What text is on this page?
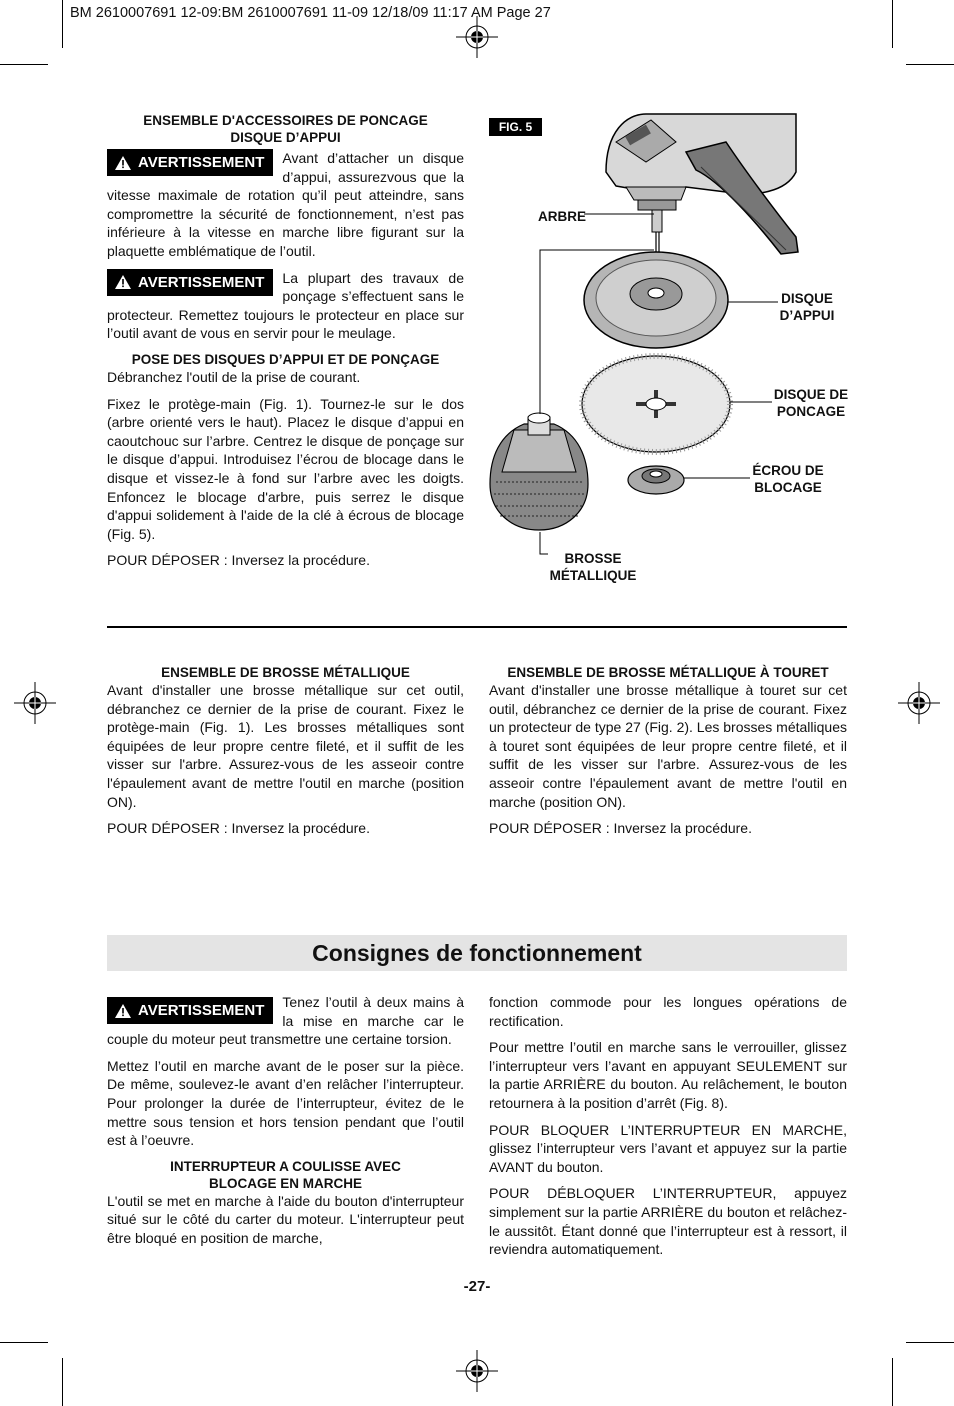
BM 2610007691 12-09:BM 2610007691 11-09 12/18/09 11:17 AM Page 27
ENSEMBLE D'ACCESSOIRES DE PONCAGE
DISQUE D’APPUI
AVERTISSEMENT Avant d’attacher un disque d’appui, assurezvous que la vitesse maximale de rotation qu’il peut atteindre, sans compromettre la sécurité de fonctionnement, n’est pas inférieure à la vitesse en marche libre figurant sur la plaquette emblématique de l’outil.
AVERTISSEMENT La plupart des travaux de ponçage s’effectuent sans le protecteur. Remettez toujours le protecteur en place sur l’outil avant de vous en servir pour le meulage.
POSE DES DISQUES D’APPUI ET DE PONÇAGE

Débranchez l'outil de la prise de courant.

Fixez le protège-main (Fig. 1). Tournez-le sur le dos (arbre orienté vers le haut). Placez le disque d’appui en caoutchouc sur l’arbre. Centrez le disque de ponçage sur le disque d’appui. Introduisez l’écrou de blocage dans le disque et vissez-le à fond sur l’arbre avec les doigts. Enfoncez le blocage d'arbre, puis serrez le disque d'appui solidement à l'aide de la clé à écrous de blocage (Fig. 5).

POUR DÉPOSER : Inversez la procédure.

FIG. 5
ARBRE
DISQUE
D’APPUI
DISQUE DE
PONCAGE
ÉCROU DE
BLOCAGE
BROSSE
MÉTALLIQUE
ENSEMBLE DE BROSSE MÉTALLIQUE

Avant d'installer une brosse métallique sur cet outil, débranchez ce dernier de la prise de courant. Fixez le protège-main (Fig. 1). Les brosses métalliques sont équipées de leur propre centre fileté, et il suffit de les visser sur l'arbre. Assurez-vous de les asseoir contre l'épaulement avant de mettre l'outil en marche (position ON).

POUR DÉPOSER : Inversez la procédure.

ENSEMBLE DE BROSSE MÉTALLIQUE À TOURET

Avant d'installer une brosse métallique à touret sur cet outil, débranchez ce dernier de la prise de courant. Fixez un protecteur de type 27 (Fig. 2). Les brosses métalliques à touret sont équipées de leur propre centre fileté, et il suffit de les visser sur l'arbre. Assurez-vous de les asseoir contre l'épaulement avant de mettre l'outil en marche (position ON).

POUR DÉPOSER : Inversez la procédure.

Consignes de fonctionnement
AVERTISSEMENT Tenez l’outil à deux mains à la mise en marche car le couple du moteur peut transmettre une certaine torsion.

Mettez l’outil en marche avant de le poser sur la pièce. De même, soulevez-le avant d’en relâcher l’interrupteur. Pour prolonger la durée de l’interrupteur, évitez de le mettre sous tension et hors tension pendant que l’outil est à l’oeuvre.

INTERRUPTEUR A COULISSE AVEC
BLOCAGE EN MARCHE

L'outil se met en marche à l'aide du bouton d'interrupteur situé sur le côté du carter du moteur. L'interrupteur peut être bloqué en position de marche,

fonction commode pour les longues opérations de rectification.

Pour mettre l’outil en marche sans le verrouiller, glissez l’interrupteur vers l’avant en appuyant SEULEMENT sur la partie ARRIÈRE du bouton. Au relâchement, le bouton retournera à la position d’arrêt (Fig. 8).

POUR BLOQUER L’INTERRUPTEUR EN MARCHE, glissez l’interrupteur vers l’avant et appuyez sur la partie AVANT du bouton.

POUR DÉBLOQUER L’INTERRUPTEUR, appuyez simplement sur la partie ARRIÈRE du bouton et relâchez-le aussitôt. Étant donné que l’interrupteur est à ressort, il reviendra automatiquement.

-27-
